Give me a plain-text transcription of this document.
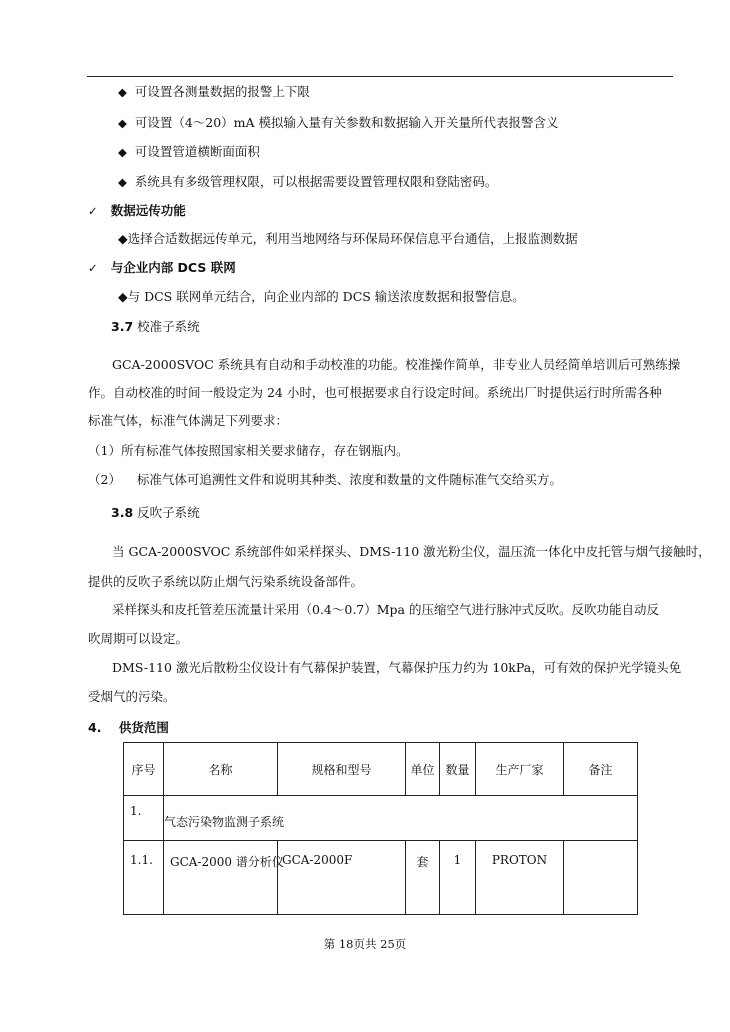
◆ 可设置各测量数据的报警上下限
◆ 可设置（4～20）mA 模拟输入量有关参数和数据输入开关量所代表报警含义
◆ 可设置管道横断面面积
◆ 系统具有多级管理权限，可以根据需要设置管理权限和登陆密码。
✓ 数据远传功能
◆选择合适数据远传单元，利用当地网络与环保局环保信息平台通信，上报监测数据
✓ 与企业内部 DCS 联网
◆与 DCS 联网单元结合，向企业内部的 DCS 输送浓度数据和报警信息。
3.7 校准子系统
GCA-2000SVOC 系统具有自动和手动校准的功能。校准操作简单，非专业人员经简单培训后可熟练操
作。自动校准的时间一般设定为 24 小时，也可根据要求自行设定时间。系统出厂时提供运行时所需各种
标准气体，标准气体满足下列要求：
（1）所有标准气体按照国家相关要求储存，存在钢瓶内。
（2） 标准气体可追溯性文件和说明其种类、浓度和数量的文件随标准气交给买方。
3.8 反吹子系统
当 GCA-2000SVOC 系统部件如采样探头、DMS-110 激光粉尘仪，温压流一体化中皮托管与烟气接触时，
提供的反吹子系统以防止烟气污染系统设备部件。
采样探头和皮托管差压流量计采用（0.4～0.7）Mpa 的压缩空气进行脉冲式反吹。反吹功能自动反
吹周期可以设定。
DMS-110 激光后散粉尘仪设计有气幕保护装置，气幕保护压力约为 10kPa，可有效的保护光学镜头免
受烟气的污染。
4. 供货范围
序号	名称	规格和型号	单位	数量	生产厂家	备注
1.	气态污染物监测子系统					
1.1.	GCA-2000 谱分析仪	GCA-2000F	套	1	PROTON	
第 18页共 25页
